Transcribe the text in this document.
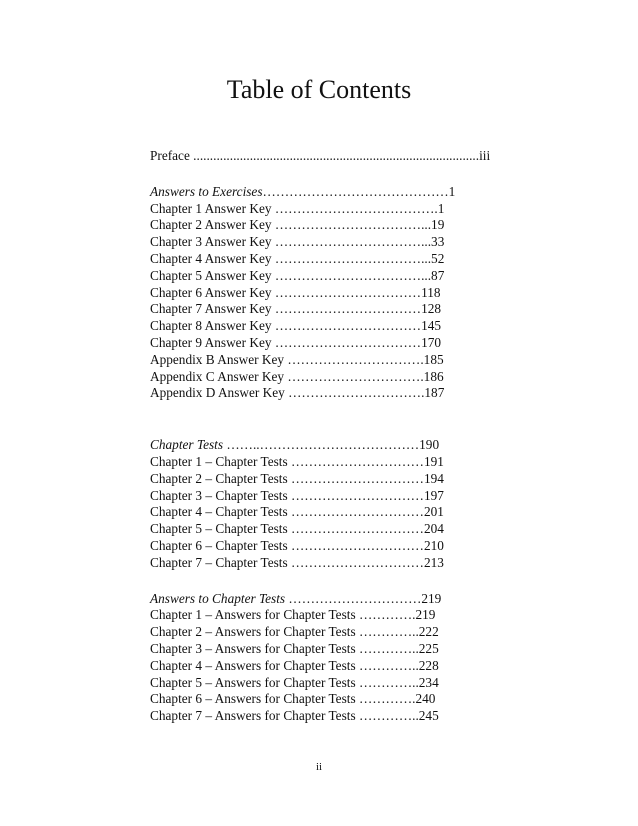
Table of Contents
Preface ......................................................................................iii
Answers to Exercises……………………………………1
Chapter 1 Answer Key ……………………………….1
Chapter 2 Answer Key ……………………………...19
Chapter 3 Answer Key ……………………………...33
Chapter 4 Answer Key ……………………………...52
Chapter 5 Answer Key ……………………………...87
Chapter 6 Answer Key ……………………………118
Chapter 7 Answer Key ……………………………128
Chapter 8 Answer Key ……………………………145
Chapter 9 Answer Key ……………………………170
Appendix B Answer Key ………………………….185
Appendix C Answer Key ………………………….186
Appendix D Answer Key ………………………….187
Chapter Tests ……..………………………………190
Chapter 1 – Chapter Tests …………………………191
Chapter 2 – Chapter Tests …………………………194
Chapter 3 – Chapter Tests …………………………197
Chapter 4 – Chapter Tests …………………………201
Chapter 5 – Chapter Tests …………………………204
Chapter 6 – Chapter Tests …………………………210
Chapter 7 – Chapter Tests …………………………213
Answers to Chapter Tests …………………………219
Chapter 1 – Answers for Chapter Tests ………….219
Chapter 2 – Answers for Chapter Tests …………..222
Chapter 3 – Answers for Chapter Tests …………..225
Chapter 4 – Answers for Chapter Tests …………..228
Chapter 5 – Answers for Chapter Tests …………..234
Chapter 6 – Answers for Chapter Tests ………….240
Chapter 7 – Answers for Chapter Tests …………..245
ii
